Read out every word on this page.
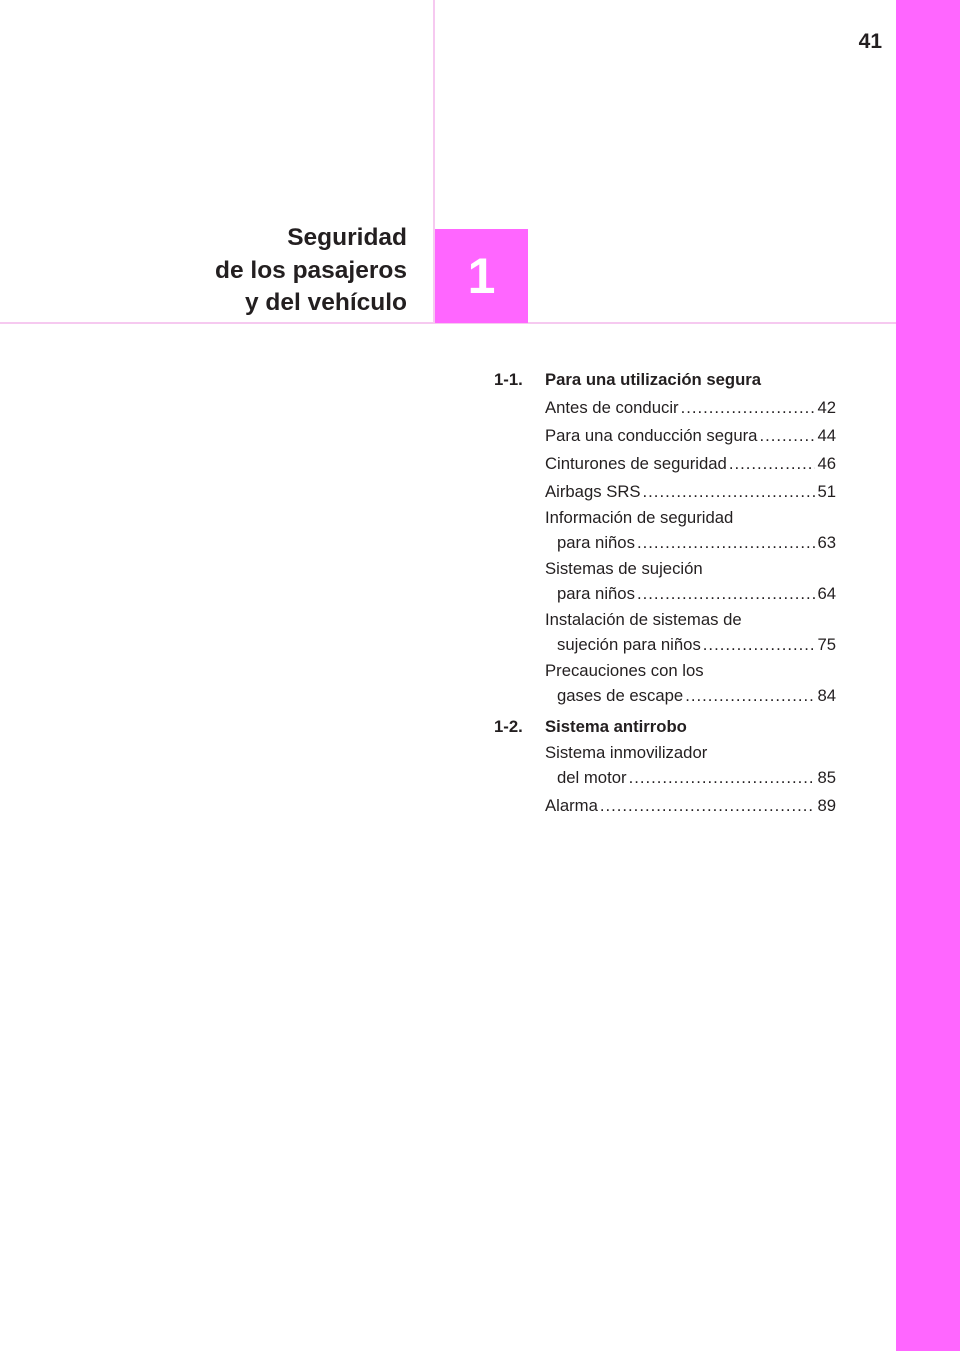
41
Seguridad
de los pasajeros
y del vehículo	1
1-1. Para una utilización segura
Antes de conducir .....	42
Para una conducción segura .....	44
Cinturones de seguridad .....	46
Airbags SRS .....	51
Información de seguridad
para niños .....	63
Sistemas de sujeción
para niños .....	64
Instalación de sistemas de
sujeción para niños .....	75
Precauciones con los
gases de escape .....	84
1-2. Sistema antirrobo
Sistema inmovilizador
del motor .....	85
Alarma .....	89
